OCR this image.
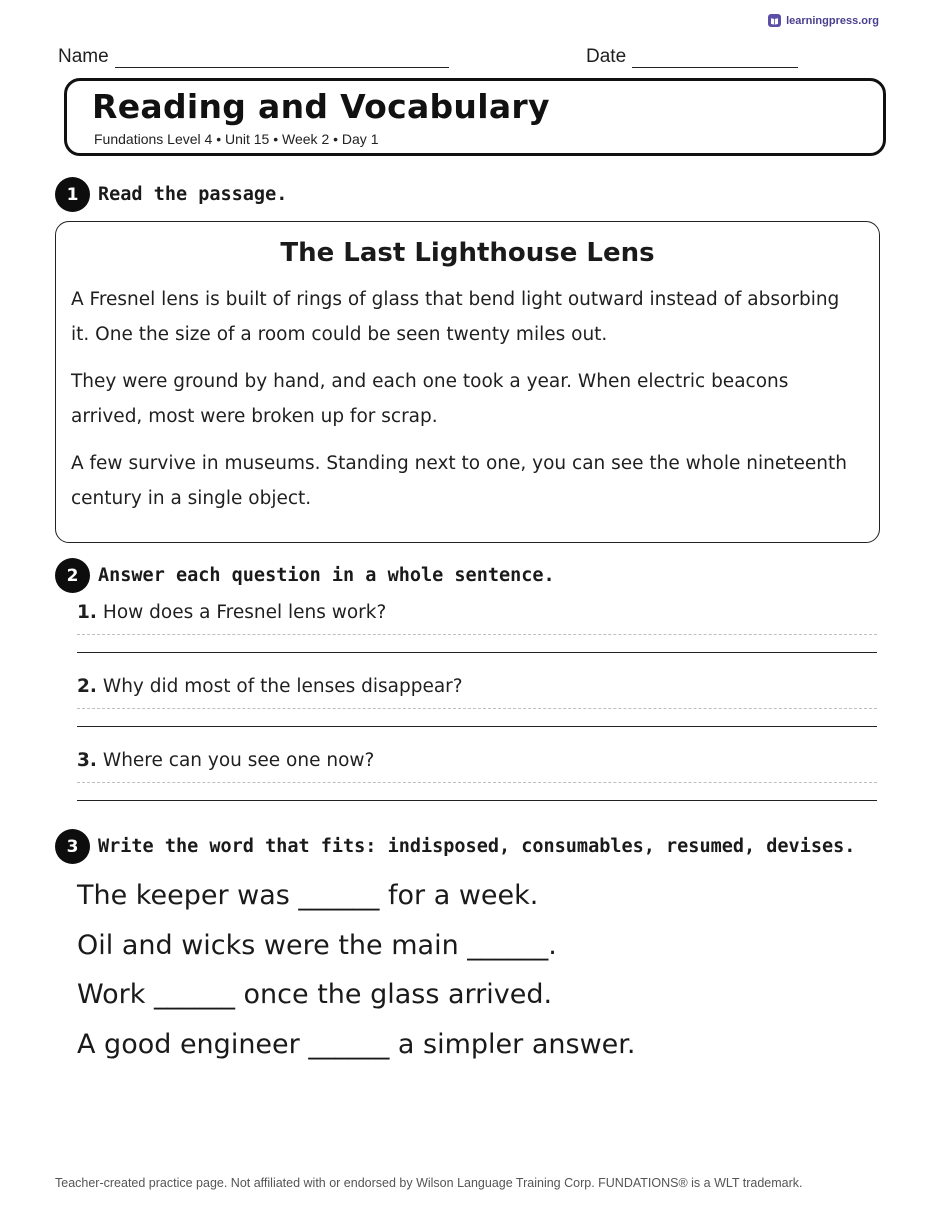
learningpress.org
Name	Date
Reading and Vocabulary
Fundations Level 4 • Unit 15 • Week 2 • Day 1
1	Read the passage.
The Last Lighthouse Lens

A Fresnel lens is built of rings of glass that bend light outward instead of absorbing it. One the size of a room could be seen twenty miles out.

They were ground by hand, and each one took a year. When electric beacons arrived, most were broken up for scrap.

A few survive in museums. Standing next to one, you can see the whole nineteenth century in a single object.

2	Answer each question in a whole sentence.
1. How does a Fresnel lens work?
2. Why did most of the lenses disappear?
3. Where can you see one now?
3	Write the word that fits: indisposed, consumables, resumed, devises.
The keeper was ______ for a week.
Oil and wicks were the main ______.
Work ______ once the glass arrived.
A good engineer ______ a simpler answer.
Teacher-created practice page. Not affiliated with or endorsed by Wilson Language Training Corp. FUNDATIONS® is a WLT trademark.
